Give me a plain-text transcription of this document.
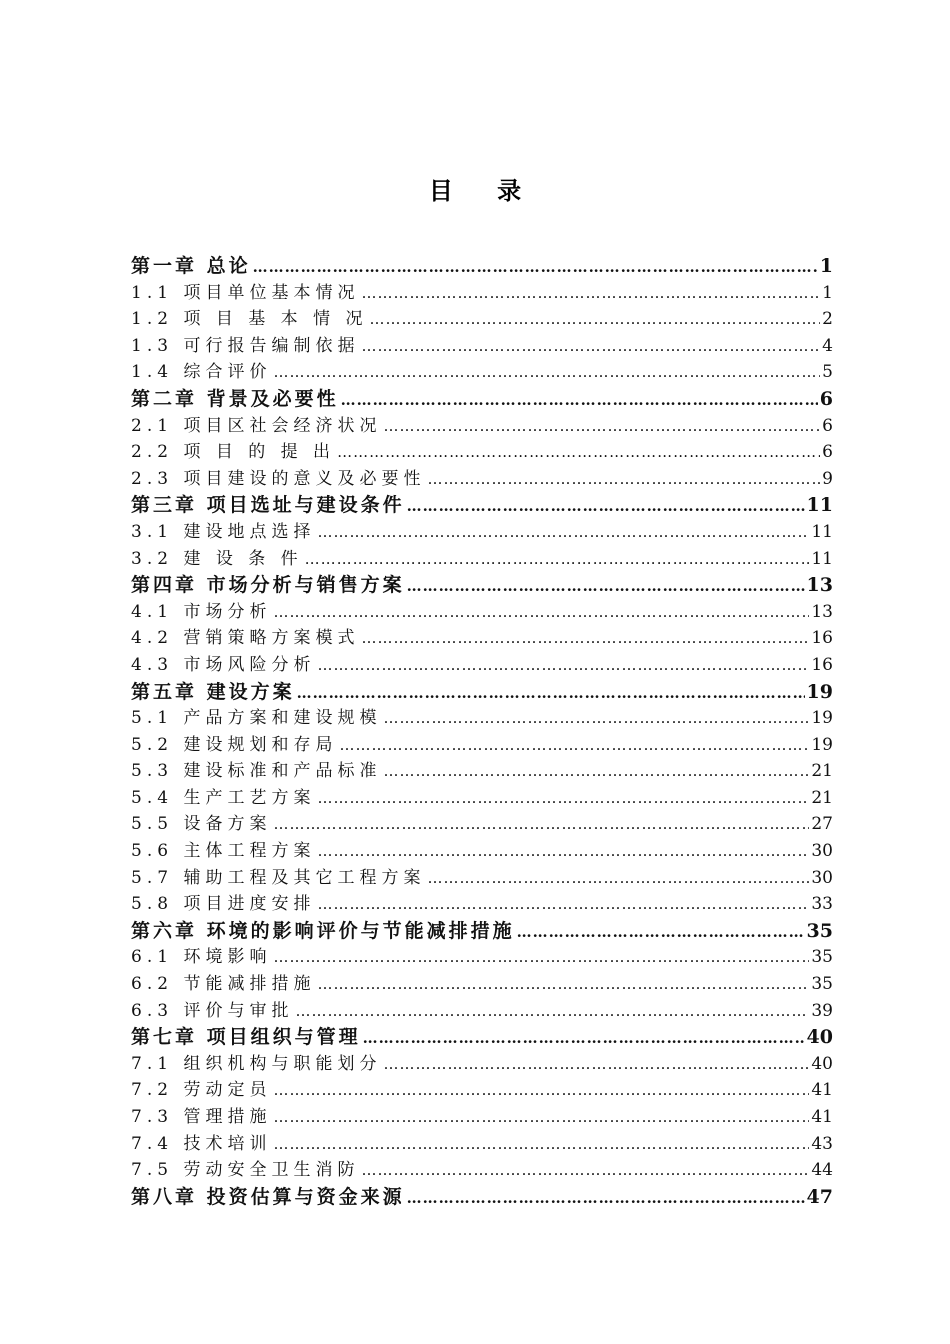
目 录
第一章 总论 ……………………………………………………………………………………………………………………………………………	1
1.1 项目单位基本情况 ……………………………………………………………………………………………………………………………………………	1
1.2 项 目 基 本 情 况 ……………………………………………………………………………………………………………………………………………	2
1.3 可行报告编制依据 ……………………………………………………………………………………………………………………………………………	4
1.4 综合评价 ……………………………………………………………………………………………………………………………………………	5
第二章 背景及必要性 ……………………………………………………………………………………………………………………………………………	6
2.1 项目区社会经济状况 ……………………………………………………………………………………………………………………………………………	6
2.2 项 目 的 提 出 ……………………………………………………………………………………………………………………………………………	6
2.3 项目建设的意义及必要性 ……………………………………………………………………………………………………………………………………………	9
第三章 项目选址与建设条件 ……………………………………………………………………………………………………………………………………………	11
3.1 建设地点选择 ……………………………………………………………………………………………………………………………………………	11
3.2 建 设 条 件 ……………………………………………………………………………………………………………………………………………	11
第四章 市场分析与销售方案 ……………………………………………………………………………………………………………………………………………	13
4.1 市场分析 ……………………………………………………………………………………………………………………………………………	13
4.2 营销策略方案模式 ……………………………………………………………………………………………………………………………………………	16
4.3 市场风险分析 ……………………………………………………………………………………………………………………………………………	16
第五章 建设方案 ……………………………………………………………………………………………………………………………………………	19
5.1 产品方案和建设规模 ……………………………………………………………………………………………………………………………………………	19
5.2 建设规划和存局 ……………………………………………………………………………………………………………………………………………	19
5.3 建设标准和产品标准 ……………………………………………………………………………………………………………………………………………	21
5.4 生产工艺方案 ……………………………………………………………………………………………………………………………………………	21
5.5 设备方案 ……………………………………………………………………………………………………………………………………………	27
5.6 主体工程方案 ……………………………………………………………………………………………………………………………………………	30
5.7 辅助工程及其它工程方案 ……………………………………………………………………………………………………………………………………………	30
5.8 项目进度安排 ……………………………………………………………………………………………………………………………………………	33
第六章 环境的影响评价与节能减排措施 ……………………………………………………………………………………………………………………………………………	35
6.1 环境影响 ……………………………………………………………………………………………………………………………………………	35
6.2 节能减排措施 ……………………………………………………………………………………………………………………………………………	35
6.3 评价与审批 ……………………………………………………………………………………………………………………………………………	39
第七章 项目组织与管理 ……………………………………………………………………………………………………………………………………………	40
7.1 组织机构与职能划分 ……………………………………………………………………………………………………………………………………………	40
7.2 劳动定员 ……………………………………………………………………………………………………………………………………………	41
7.3 管理措施 ……………………………………………………………………………………………………………………………………………	41
7.4 技术培训 ……………………………………………………………………………………………………………………………………………	43
7.5 劳动安全卫生消防 ……………………………………………………………………………………………………………………………………………	44
第八章 投资估算与资金来源 ……………………………………………………………………………………………………………………………………………	47
